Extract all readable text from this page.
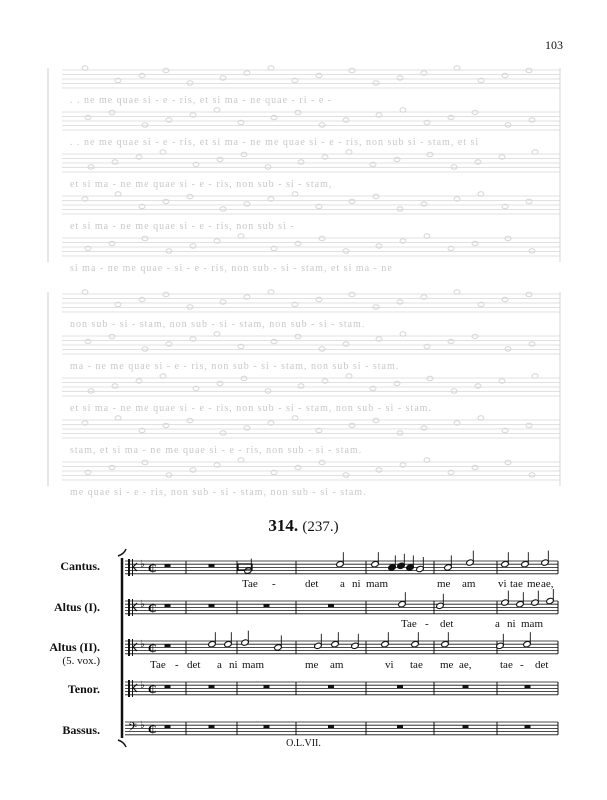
103
. . ne me quae si - e - ris, et si ma - ne quae - ri - e -
. . ne me quae si - e - ris, et si ma - ne me quae si - e - ris, non sub si - stam, et si
et si ma - ne me quae si - e - ris, non sub - si - stam,
et si ma - ne me quae si - e - ris, non sub si -
si ma - ne me quae - si - e - ris, non sub - si - stam, et si ma - ne
non sub - si - stam, non sub - si - stam, non sub - si - stam.
ma - ne me quae si - e - ris, non sub - si - stam, non sub si - stam.
et si ma - ne me quae si - e - ris, non sub - si - stam, non sub - si - stam.
stam, et si ma - ne me quae si - e - ris, non sub - si - stam.
me quae si - e - ris, non sub - si - stam, non sub - si - stam.
314. (237.)
Cantus.
Altus (I).
Altus (II).
(5. vox.)
Tenor.
Bassus.
♭ ₵
♭ ₵
♭ ₵
♭ ₵
𝄢 ♭ ₵
Tae -	det a ni mam	me am vi tae me ae,
Tae - det	a ni mam
Tae - det a ni mam	me am	vi tae me ae,	tae - det
O.L.VII.
